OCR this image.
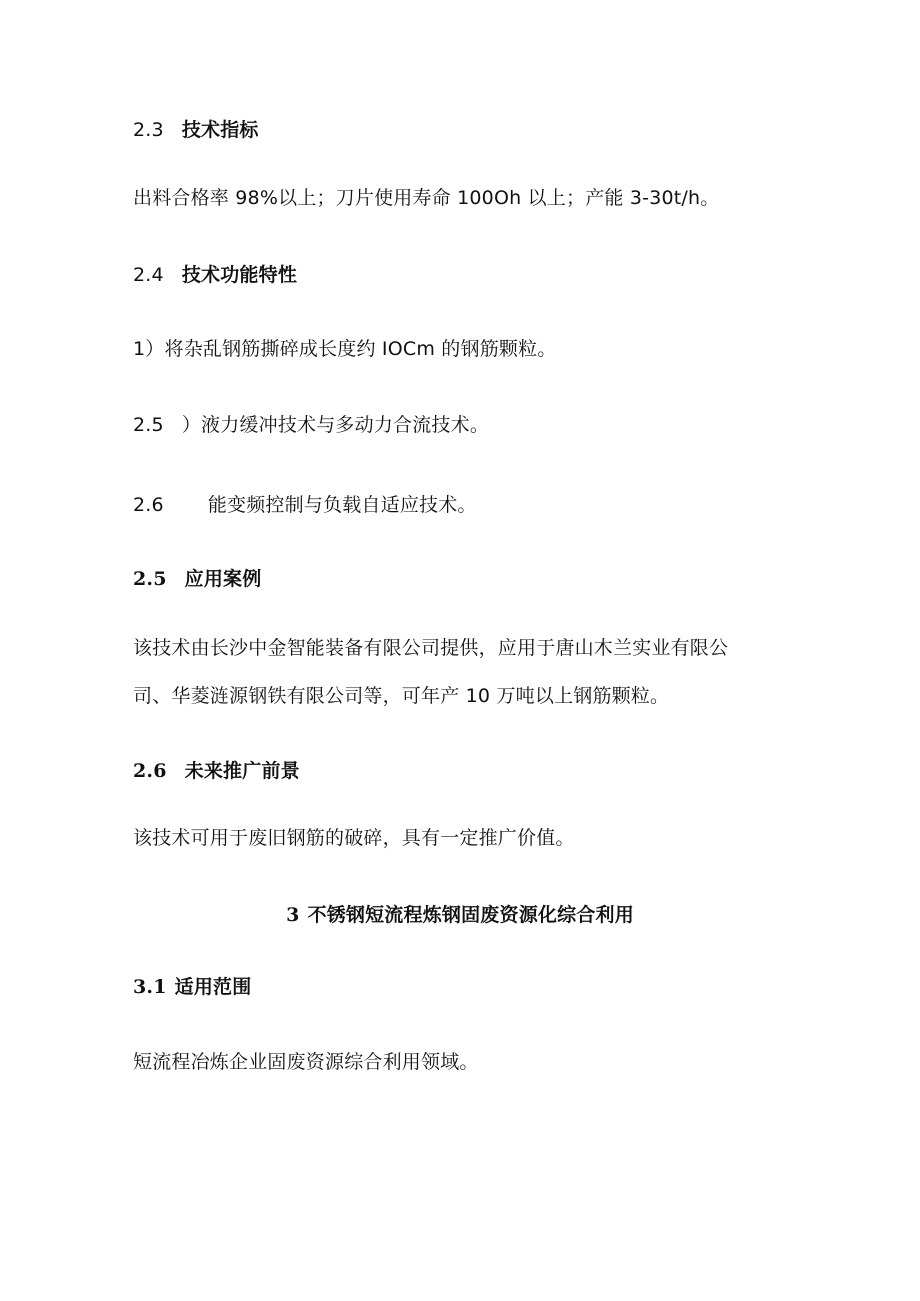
2.3 技术指标
出料合格率 98%以上；刀片使用寿命 100Oh 以上；产能 3-30t/h。
2.4 技术功能特性
1）将杂乱钢筋撕碎成长度约 IOCm 的钢筋颗粒。
2.5 ）液力缓冲技术与多动力合流技术。
2.6 能变频控制与负载自适应技术。
2.5 应用案例
该技术由长沙中金智能装备有限公司提供，应用于唐山木兰实业有限公
司、华菱涟源钢铁有限公司等，可年产 10 万吨以上钢筋颗粒。
2.6 未来推广前景
该技术可用于废旧钢筋的破碎，具有一定推广价值。
3 不锈钢短流程炼钢固废资源化综合利用
3.1 适用范围
短流程冶炼企业固废资源综合利用领域。
